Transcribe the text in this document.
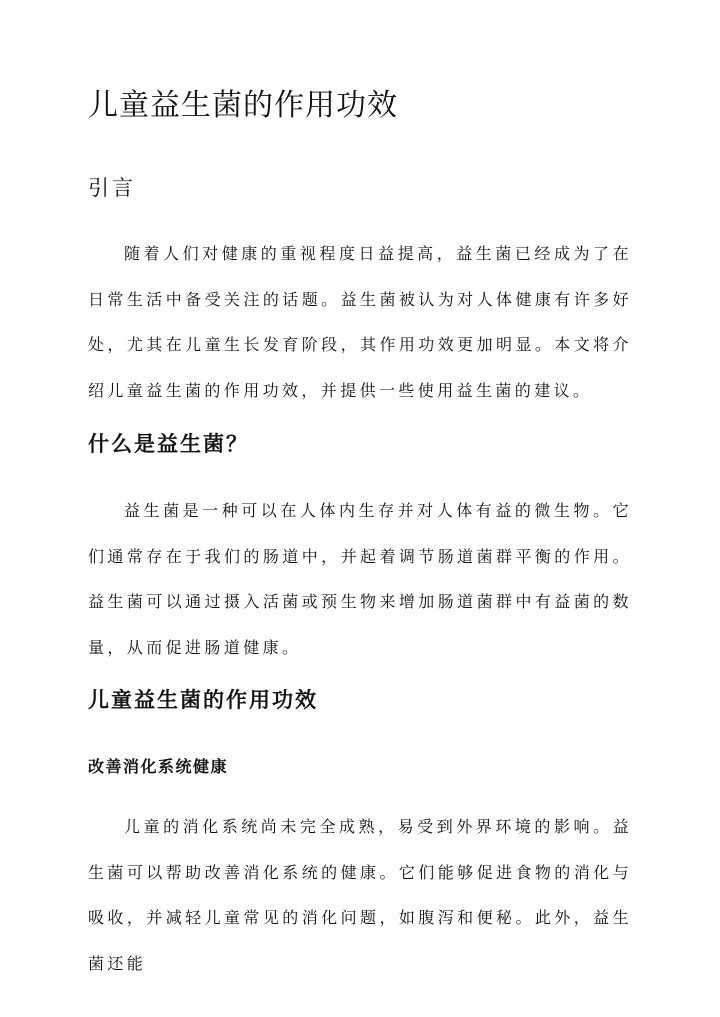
儿童益生菌的作用功效
引言

随着人们对健康的重视程度日益提高，益生菌已经成为了在日常生活中备受关注的话题。益生菌被认为对人体健康有许多好处，尤其在儿童生长发育阶段，其作用功效更加明显。本文将介绍儿童益生菌的作用功效，并提供一些使用益生菌的建议。

什么是益生菌？

益生菌是一种可以在人体内生存并对人体有益的微生物。它们通常存在于我们的肠道中，并起着调节肠道菌群平衡的作用。益生菌可以通过摄入活菌或预生物来增加肠道菌群中有益菌的数量，从而促进肠道健康。

儿童益生菌的作用功效
改善消化系统健康

儿童的消化系统尚未完全成熟，易受到外界环境的影响。益生菌可以帮助改善消化系统的健康。它们能够促进食物的消化与吸收，并减轻儿童常见的消化问题，如腹泻和便秘。此外，益生菌还能
